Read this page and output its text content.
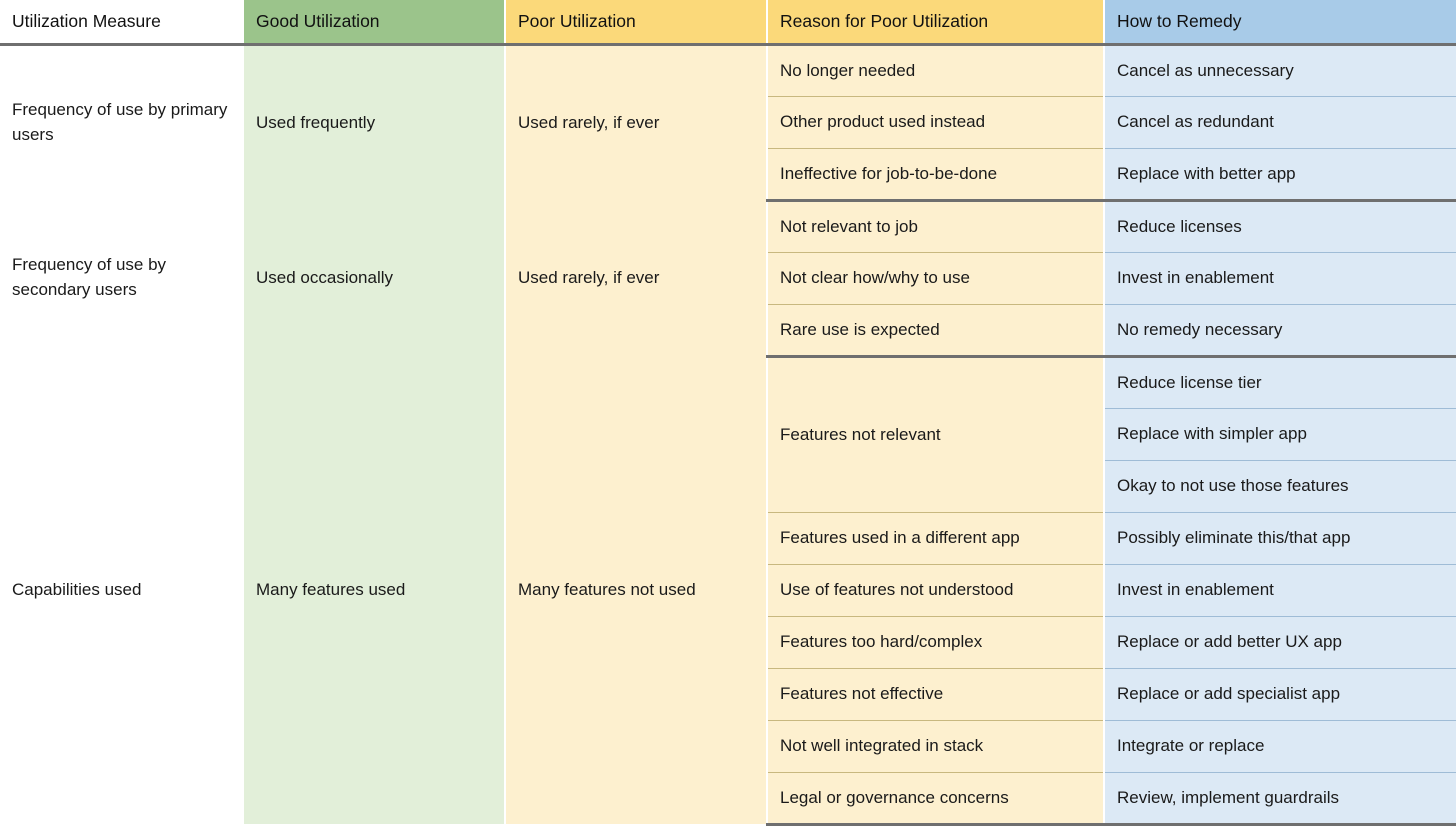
Utilization Measure	Good Utilization	Poor Utilization	Reason for Poor Utilization	How to Remedy
Frequency of use by primary users	Used frequently	Used rarely, if ever	No longer needed	Cancel as unnecessary
			Other product used instead	Cancel as redundant
			Ineffective for job-to-be-done	Replace with better app
Frequency of use by secondary users	Used occasionally	Used rarely, if ever	Not relevant to job	Reduce licenses
			Not clear how/why to use	Invest in enablement
			Rare use is expected	No remedy necessary
Capabilities used	Many features used	Many features not used	Features not relevant	Reduce license tier
				Replace with simpler app
				Okay to not use those features
			Features used in a different app	Possibly eliminate this/that app
			Use of features not understood	Invest in enablement
			Features too hard/complex	Replace or add better UX app
			Features not effective	Replace or add specialist app
			Not well integrated in stack	Integrate or replace
			Legal or governance concerns	Review, implement guardrails
